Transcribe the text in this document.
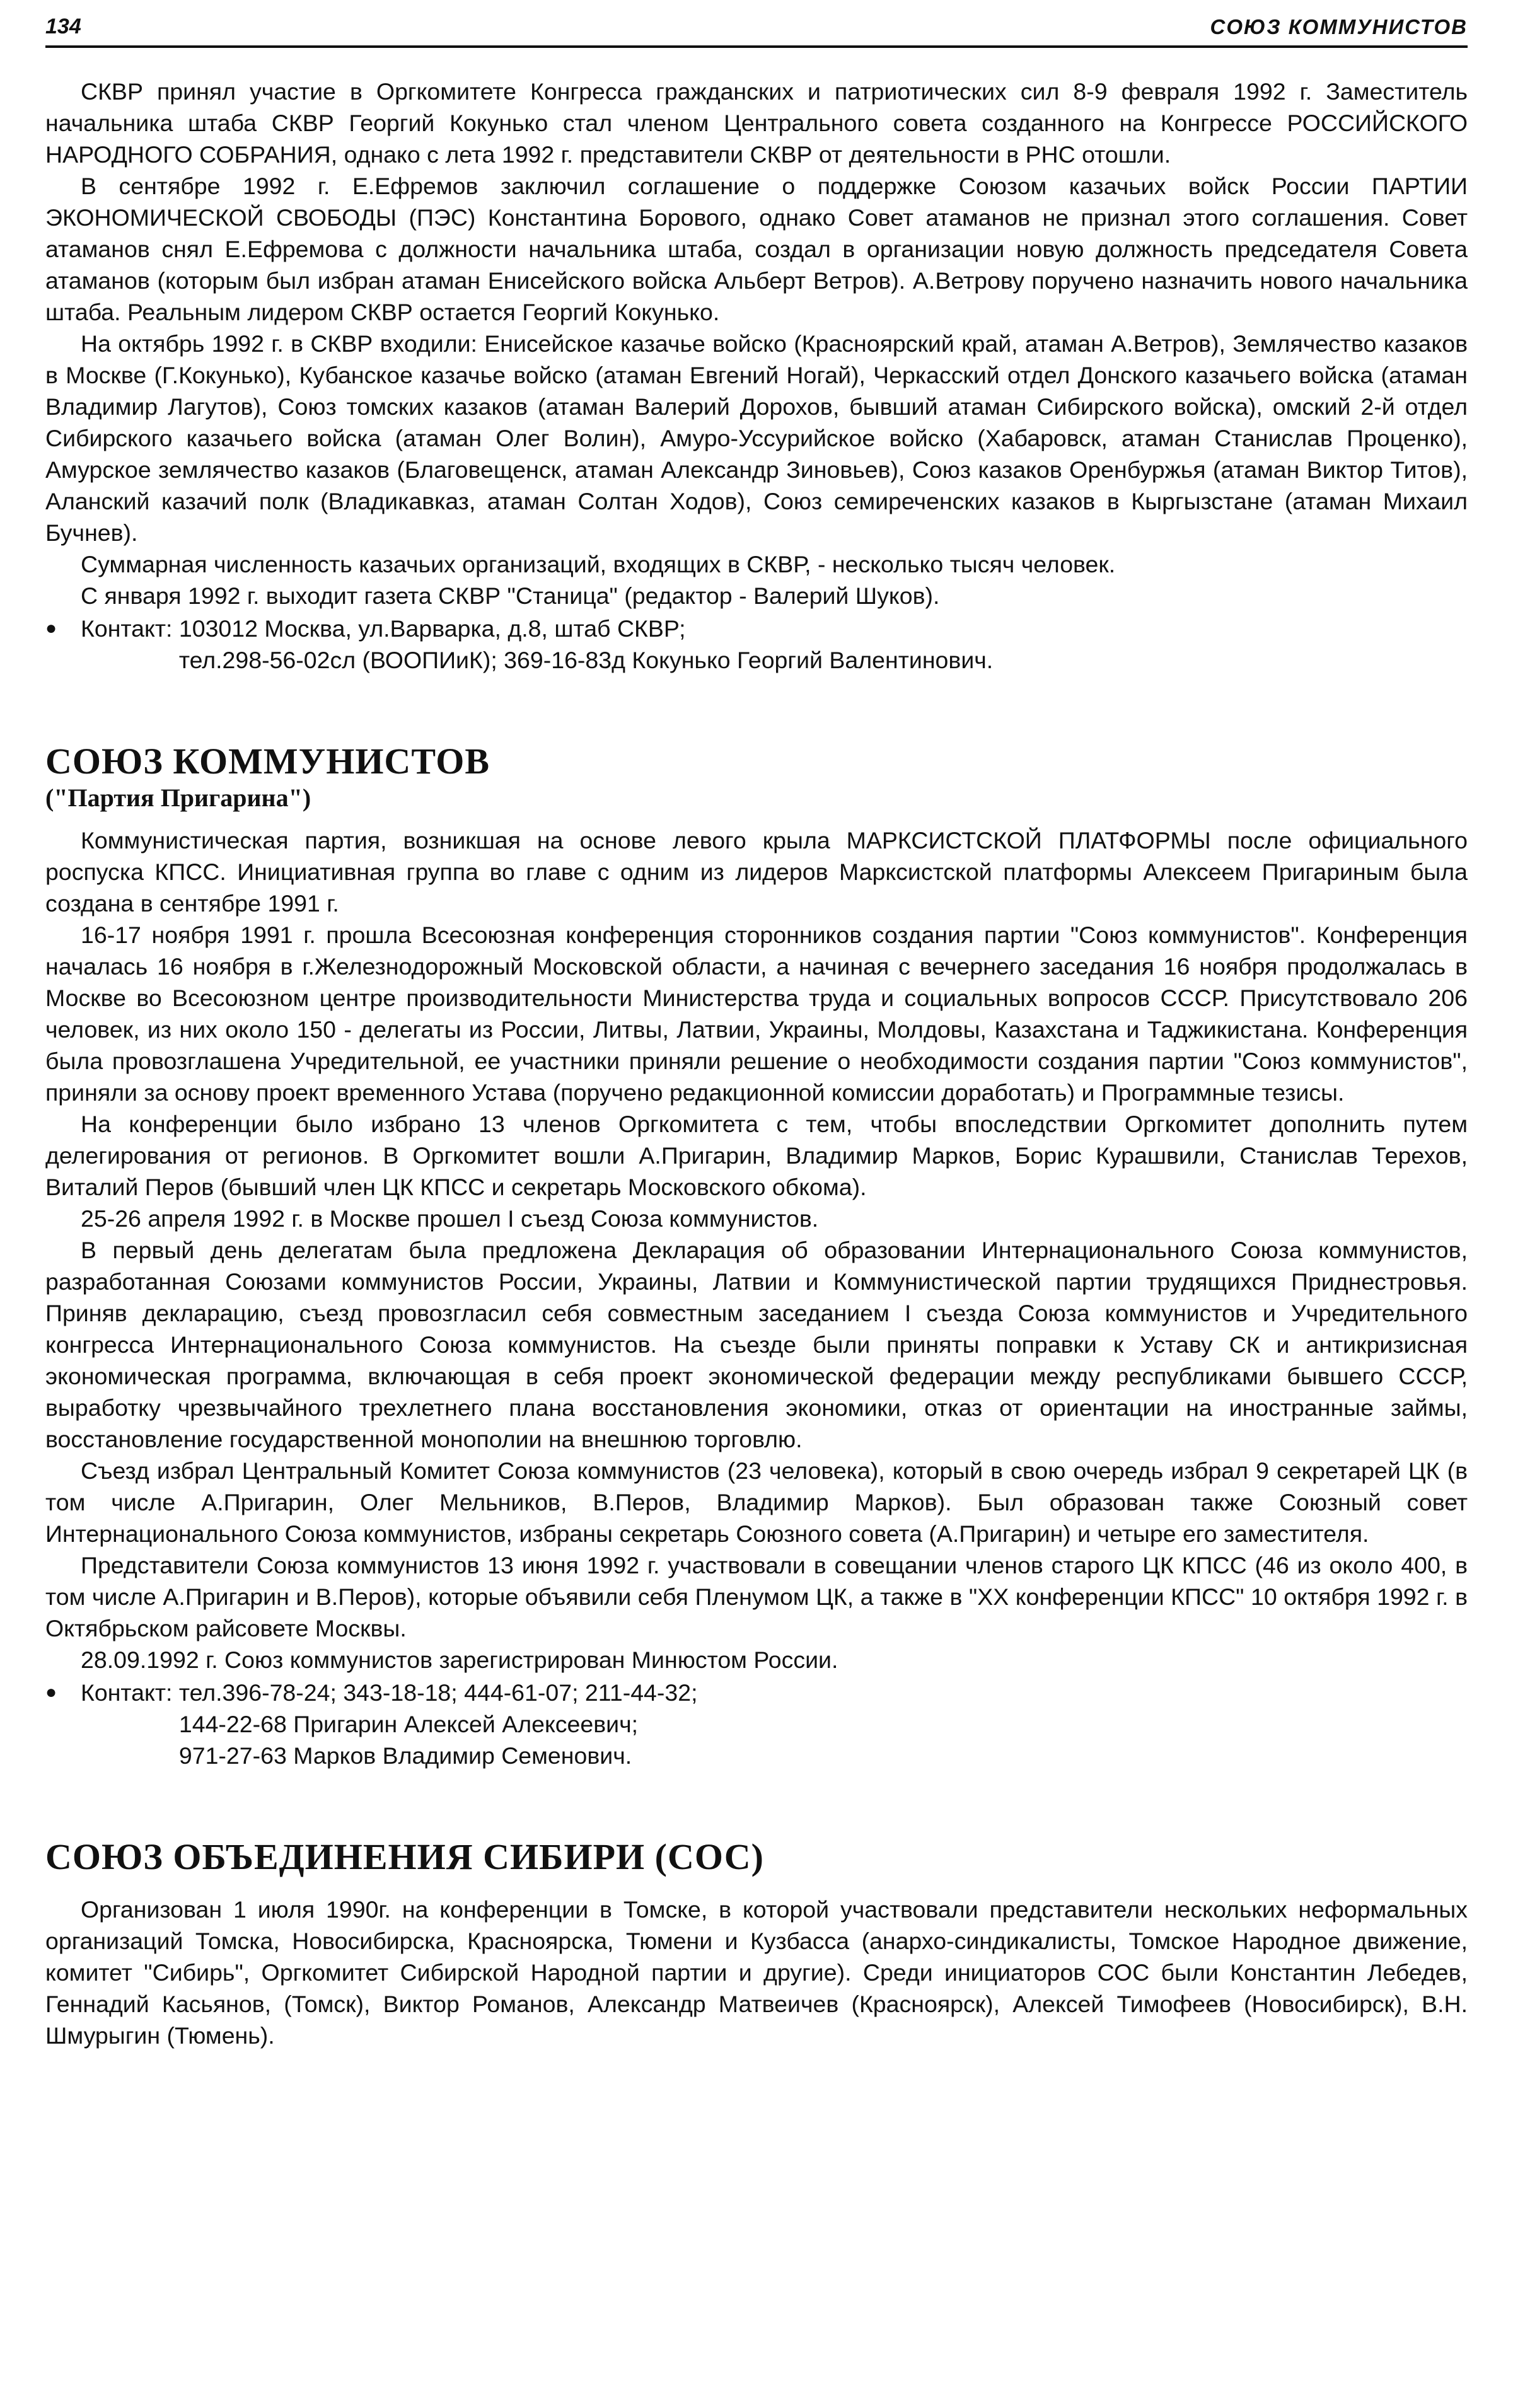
134	СОЮЗ КОММУНИСТОВ

СКВР принял участие в Оргкомитете Конгресса гражданских и патриотических сил 8-9 февраля 1992 г. Заместитель начальника штаба СКВР Георгий Кокунько стал членом Центрального совета созданного на Конгрессе РОССИЙСКОГО НАРОДНОГО СОБРАНИЯ, однако с лета 1992 г. представители СКВР от деятельности в РНС отошли.

В сентябре 1992 г. Е.Ефремов заключил соглашение о поддержке Союзом казачьих войск России ПАРТИИ ЭКОНОМИЧЕСКОЙ СВОБОДЫ (ПЭС) Константина Борового, однако Совет атаманов не признал этого соглашения. Совет атаманов снял Е.Ефремова с должности начальника штаба, создал в организации новую должность председателя Совета атаманов (которым был избран атаман Енисейского войска Альберт Ветров). А.Ветрову поручено назначить нового начальника штаба. Реальным лидером СКВР остается Георгий Кокунько.

На октябрь 1992 г. в СКВР входили: Енисейское казачье войско (Красноярский край, атаман А.Ветров), Землячество казаков в Москве (Г.Кокунько), Кубанское казачье войско (атаман Евгений Ногай), Черкасский отдел Донского казачьего войска (атаман Владимир Лагутов), Союз томских казаков (атаман Валерий Дорохов, бывший атаман Сибирского войска), омский 2-й отдел Сибирского казачьего войска (атаман Олег Волин), Амуро-Уссурийское войско (Хабаровск, атаман Станислав Проценко), Амурское землячество казаков (Благовещенск, атаман Александр Зиновьев), Союз казаков Оренбуржья (атаман Виктор Титов), Аланский казачий полк (Владикавказ, атаман Солтан Ходов), Союз семиреченских казаков в Кыргызстане (атаман Михаил Бучнев).

Суммарная численность казачьих организаций, входящих в СКВР, - несколько тысяч человек.

С января 1992 г. выходит газета СКВР "Станица" (редактор - Валерий Шуков).

●	Контакт: 103012 Москва, ул.Варварка, д.8, штаб СКВР;
тел.298-56-02сл (ВООПИиК); 369-16-83д Кокунько Георгий Валентинович.
СОЮЗ КОММУНИСТОВ
("Партия Пригарина")

Коммунистическая партия, возникшая на основе левого крыла МАРКСИСТСКОЙ ПЛАТФОРМЫ после официального роспуска КПСС. Инициативная группа во главе с одним из лидеров Марксистской платформы Алексеем Пригариным была создана в сентябре 1991 г.

16-17 ноября 1991 г. прошла Всесоюзная конференция сторонников создания партии "Союз коммунистов". Конференция началась 16 ноября в г.Железнодорожный Московской области, а начиная с вечернего заседания 16 ноября продолжалась в Москве во Всесоюзном центре производительности Министерства труда и социальных вопросов СССР. Присутствовало 206 человек, из них около 150 - делегаты из России, Литвы, Латвии, Украины, Молдовы, Казахстана и Таджикистана. Конференция была провозглашена Учредительной, ее участники приняли решение о необходимости создания партии "Союз коммунистов", приняли за основу проект временного Устава (поручено редакционной комиссии доработать) и Программные тезисы.

На конференции было избрано 13 членов Оргкомитета с тем, чтобы впоследствии Оргкомитет дополнить путем делегирования от регионов. В Оргкомитет вошли А.Пригарин, Владимир Марков, Борис Курашвили, Станислав Терехов, Виталий Перов (бывший член ЦК КПСС и секретарь Московского обкома).

25-26 апреля 1992 г. в Москве прошел I съезд Союза коммунистов.

В первый день делегатам была предложена Декларация об образовании Интернационального Союза коммунистов, разработанная Союзами коммунистов России, Украины, Латвии и Коммунистической партии трудящихся Приднестровья. Приняв декларацию, съезд провозгласил себя совместным заседанием I съезда Союза коммунистов и Учредительного конгресса Интернационального Союза коммунистов. На съезде были приняты поправки к Уставу СК и антикризисная экономическая программа, включающая в себя проект экономической федерации между республиками бывшего СССР, выработку чрезвычайного трехлетнего плана восстановления экономики, отказ от ориентации на иностранные займы, восстановление государственной монополии на внешнюю торговлю.

Съезд избрал Центральный Комитет Союза коммунистов (23 человека), который в свою очередь избрал 9 секретарей ЦК (в том числе А.Пригарин, Олег Мельников, В.Перов, Владимир Марков). Был образован также Союзный совет Интернационального Союза коммунистов, избраны секретарь Союзного совета (А.Пригарин) и четыре его заместителя.

Представители Союза коммунистов 13 июня 1992 г. участвовали в совещании членов старого ЦК КПСС (46 из около 400, в том числе А.Пригарин и В.Перов), которые объявили себя Пленумом ЦК, а также в "XX конференции КПСС" 10 октября 1992 г. в Октябрьском райсовете Москвы.

28.09.1992 г. Союз коммунистов зарегистрирован Минюстом России.

●	Контакт: тел.396-78-24; 343-18-18; 444-61-07; 211-44-32;
144-22-68 Пригарин Алексей Алексеевич;
971-27-63 Марков Владимир Семенович.
СОЮЗ ОБЪЕДИНЕНИЯ СИБИРИ (СОС)

Организован 1 июля 1990г. на конференции в Томске, в которой участвовали представители нескольких неформальных организаций Томска, Новосибирска, Красноярска, Тюмени и Кузбасса (анархо-синдикалисты, Томское Народное движение, комитет "Сибирь", Оргкомитет Сибирской Народной партии и другие). Среди инициаторов СОС были Константин Лебедев, Геннадий Касьянов, (Томск), Виктор Романов, Александр Матвеичев (Красноярск), Алексей Тимофеев (Новосибирск), В.Н. Шмурыгин (Тюмень).
